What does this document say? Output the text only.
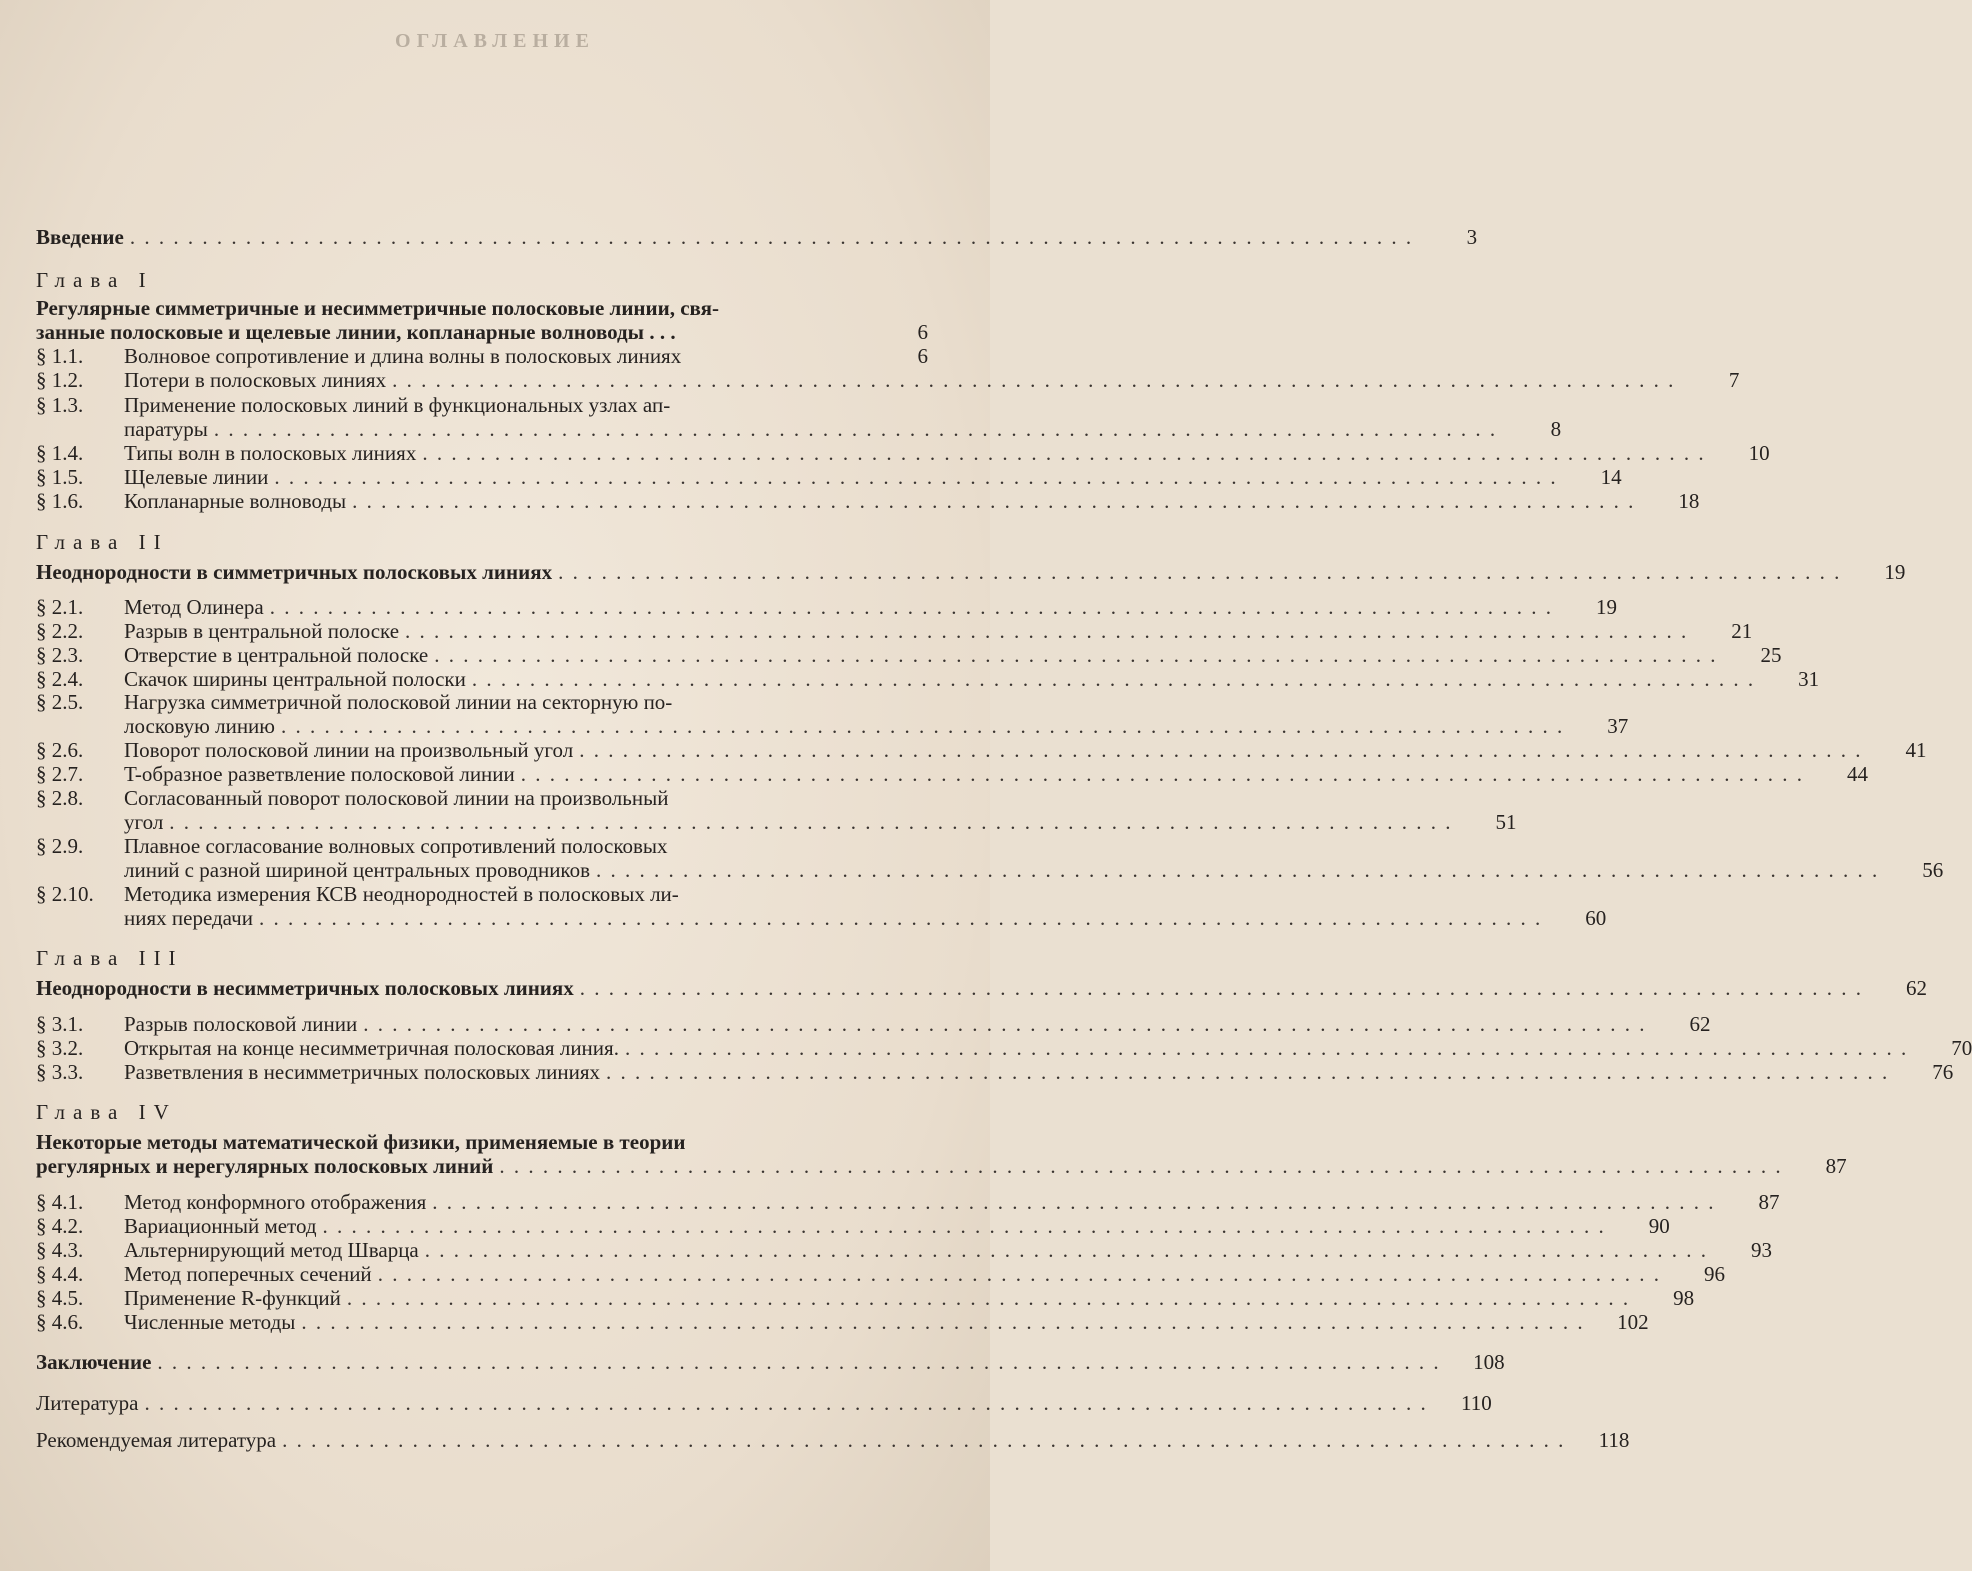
ОГЛАВЛЕНИЕ
Введение . . .	3
Глава I
Регулярные симметричные и несимметричные полосковые линии, свя-
занные полосковые и щелевые линии, копланарные волноводы . . .	6
§ 1.1. Волновое сопротивление и длина волны в полосковых линиях	6
§ 1.2. Потери в полосковых линиях . . .	7
§ 1.3. Применение полосковых линий в функциональных узлах ап-
паратуры . . .	8
§ 1.4. Типы волн в полосковых линиях . . .	10
§ 1.5. Щелевые линии . . .	14
§ 1.6. Копланарные волноводы . . .	18
Глава II
Неоднородности в симметричных полосковых линиях . . .	19
§ 2.1. Метод Олинера . . .	19
§ 2.2. Разрыв в центральной полоске . . .	21
§ 2.3. Отверстие в центральной полоске . . .	25
§ 2.4. Скачок ширины центральной полоски . . .	31
§ 2.5. Нагрузка симметричной полосковой линии на секторную по-
лосковую линию . . .	37
§ 2.6. Поворот полосковой линии на произвольный угол . . .	41
§ 2.7. T-образное разветвление полосковой линии . . .	44
§ 2.8. Согласованный поворот полосковой линии на произвольный
угол . . .	51
§ 2.9. Плавное согласование волновых сопротивлений полосковых
линий с разной шириной центральных проводников . . .	56
§ 2.10. Методика измерения КСВ неоднородностей в полосковых ли-
ниях передачи . . .	60
Глава III
Неоднородности в несимметричных полосковых линиях . . .	62
§ 3.1. Разрыв полосковой линии . . .	62
§ 3.2. Открытая на конце несимметричная полосковая линия. . . .	70
§ 3.3. Разветвления в несимметричных полосковых линиях . . .	76
Глава IV
Некоторые методы математической физики, применяемые в теории
регулярных и нерегулярных полосковых линий . . .	87
§ 4.1. Метод конформного отображения . . .	87
§ 4.2. Вариационный метод . . .	90
§ 4.3. Альтернирующий метод Шварца . . .	93
§ 4.4. Метод поперечных сечений . . .	96
§ 4.5. Применение R-функций . . .	98
§ 4.6. Численные методы . . .	102
Заключение . . .	108
Литература . . .	110
Рекомендуемая литература . . .	118
